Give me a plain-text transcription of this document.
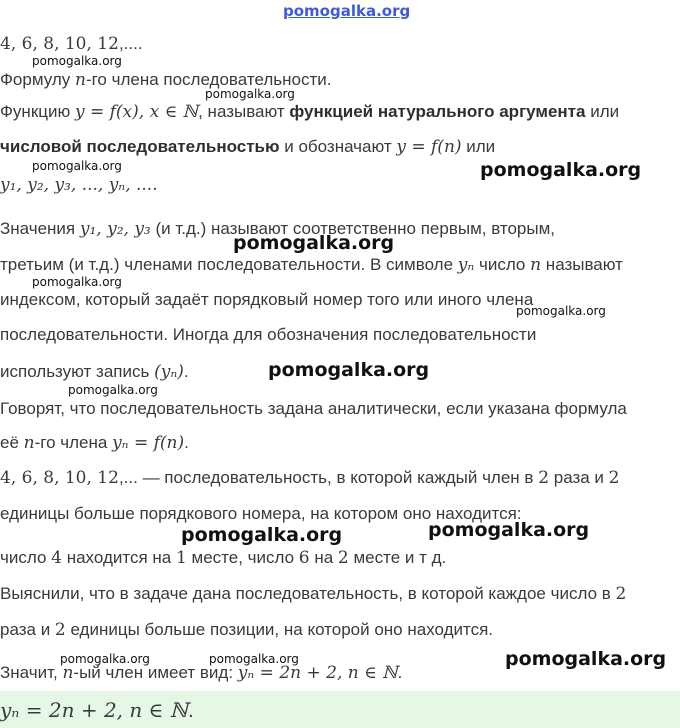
pomogalka.org
4, 6, 8, 10, 12,....
Формулу n-го члена последовательности.
Функцию y = f(x), x ∈ ℕ, называют функцией натурального аргумента или
числовой последовательностью и обозначают y = f(n) или
y₁, y₂, y₃, ..., yₙ, ....
Значения y₁, y₂, y₃ (и т.д.) называют соответственно первым, вторым,
третьим (и т.д.) членами последовательности. В символе yₙ число n называют
индексом, который задаёт порядковый номер того или иного члена
последовательности. Иногда для обозначения последовательности
используют запись (yₙ).
Говорят, что последовательность задана аналитически, если указана формула
её n-го члена yₙ = f(n).
4, 6, 8, 10, 12,... — последовательность, в которой каждый член в 2 раза и 2
единицы больше порядкового номера, на котором оно находится:
число 4 находится на 1 месте, число 6 на 2 месте и т д.
Выяснили, что в задаче дана последовательность, в которой каждое число в 2
раза и 2 единицы больше позиции, на которой оно находится.
Значит, n-ый член имеет вид: yₙ = 2n + 2, n ∈ ℕ.
yₙ = 2n + 2, n ∈ ℕ.
pomogalka.org
pomogalka.org
pomogalka.org	pomogalka.org
pomogalka.org
pomogalka.org
pomogalka.org
pomogalka.org
pomogalka.org
pomogalka.org	pomogalka.org
pomogalka.org	pomogalka.org	pomogalka.org
